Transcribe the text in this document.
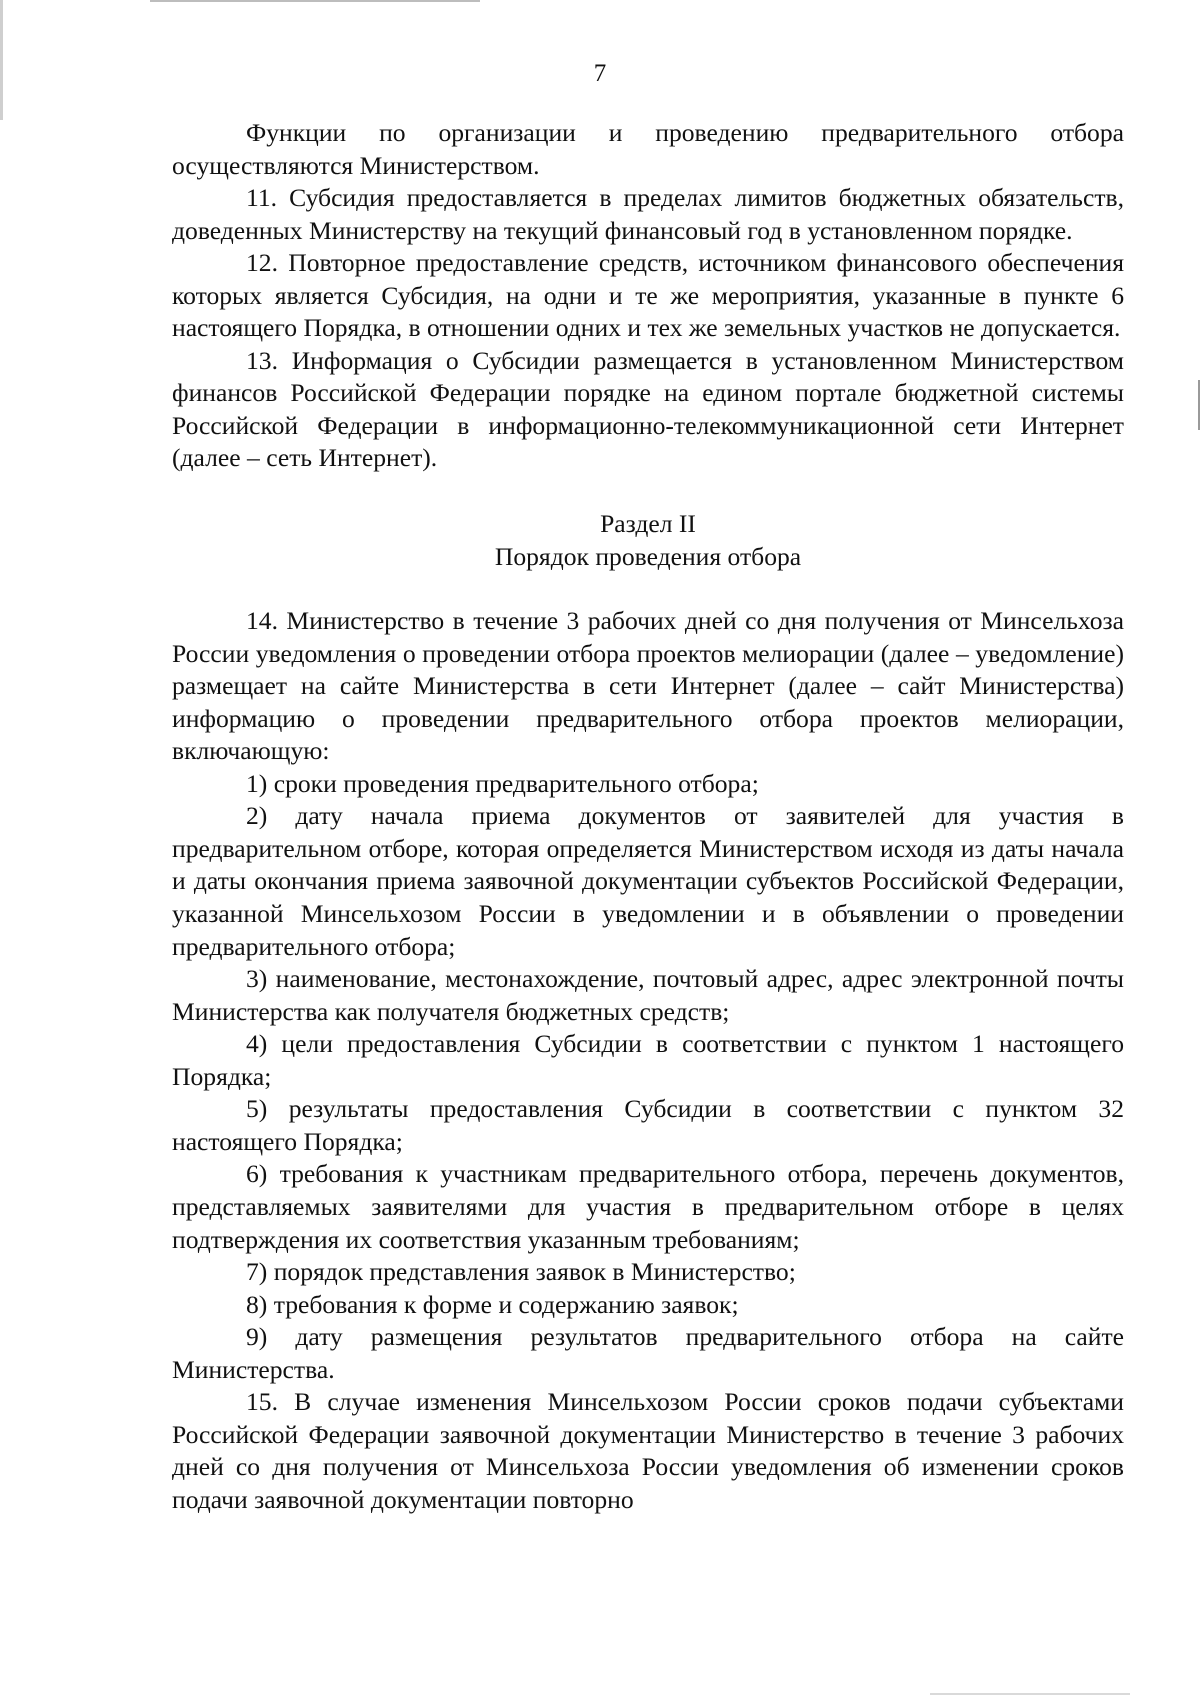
7

Функции по организации и проведению предварительного отбора осуществляются Министерством.

11. Субсидия предоставляется в пределах лимитов бюджетных обязательств, доведенных Министерству на текущий финансовый год в установленном порядке.

12. Повторное предоставление средств, источником финансового обеспечения которых является Субсидия, на одни и те же мероприятия, указанные в пункте 6 настоящего Порядка, в отношении одних и тех же земельных участков не допускается.

13. Информация о Субсидии размещается в установленном Министерством финансов Российской Федерации порядке на едином портале бюджетной системы Российской Федерации в информационно-телекоммуникационной сети Интернет (далее – сеть Интернет).

Раздел II
Порядок проведения отбора

14. Министерство в течение 3 рабочих дней со дня получения от Минсельхоза России уведомления о проведении отбора проектов мелиорации (далее – уведомление) размещает на сайте Министерства в сети Интернет (далее – сайт Министерства) информацию о проведении предварительного отбора проектов мелиорации, включающую:

1) сроки проведения предварительного отбора;

2) дату начала приема документов от заявителей для участия в предварительном отборе, которая определяется Министерством исходя из даты начала и даты окончания приема заявочной документации субъектов Российской Федерации, указанной Минсельхозом России в уведомлении и в объявлении о проведении предварительного отбора;

3) наименование, местонахождение, почтовый адрес, адрес электронной почты Министерства как получателя бюджетных средств;

4) цели предоставления Субсидии в соответствии с пунктом 1 настоящего Порядка;

5) результаты предоставления Субсидии в соответствии с пунктом 32 настоящего Порядка;

6) требования к участникам предварительного отбора, перечень документов, представляемых заявителями для участия в предварительном отборе в целях подтверждения их соответствия указанным требованиям;

7) порядок представления заявок в Министерство;

8) требования к форме и содержанию заявок;

9) дату размещения результатов предварительного отбора на сайте Министерства.

15. В случае изменения Минсельхозом России сроков подачи субъектами Российской Федерации заявочной документации Министерство в течение 3 рабочих дней со дня получения от Минсельхоза России уведомления об изменении сроков подачи заявочной документации повторно
